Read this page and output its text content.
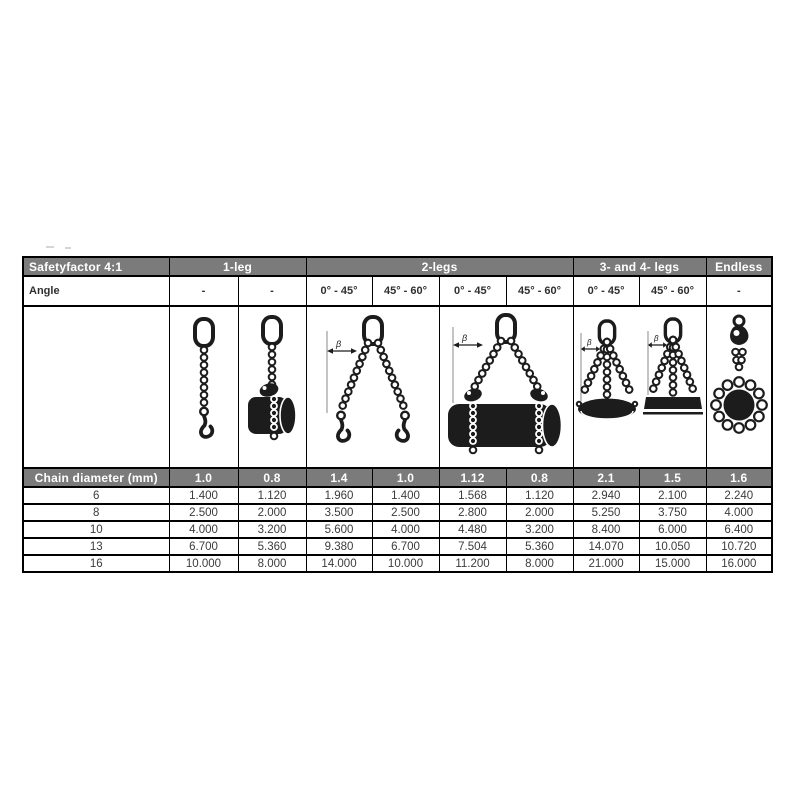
Safetyfactor 4:1	1-leg		2-legs				3- and 4- legs		Endless
Angle	-	-	0° - 45°	45° - 60°	0° - 45°	45° - 60°	0° - 45°	45° - 60°	-

β		β		β β

Chain diameter (mm)	1.0	0.8	1.4	1.0	1.12	0.8	2.1	1.5	1.6
6	1.400	1.120	1.960	1.400	1.568	1.120	2.940	2.100	2.240
8	2.500	2.000	3.500	2.500	2.800	2.000	5.250	3.750	4.000
10	4.000	3.200	5.600	4.000	4.480	3.200	8.400	6.000	6.400
13	6.700	5.360	9.380	6.700	7.504	5.360	14.070	10.050	10.720
16	10.000	8.000	14.000	10.000	11.200	8.000	21.000	15.000	16.000
